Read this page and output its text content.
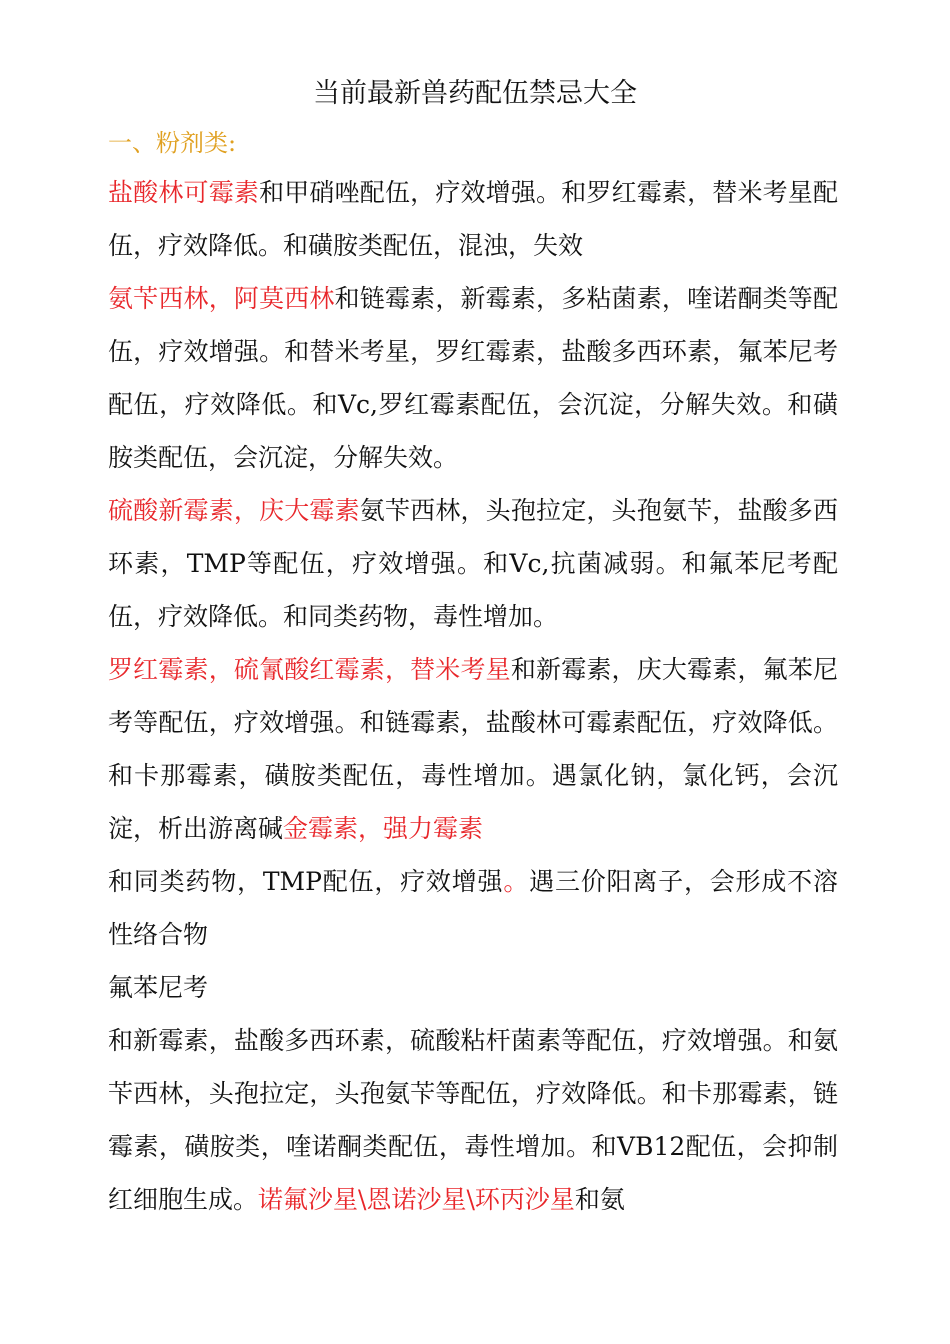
当前最新兽药配伍禁忌大全
一、粉剂类:

盐酸林可霉素和甲硝唑配伍，疗效增强。和罗红霉素，替米考星配伍，疗效降低。和磺胺类配伍，混浊，失效

氨苄西林，阿莫西林和链霉素，新霉素，多粘菌素，喹诺酮类等配伍，疗效增强。和替米考星，罗红霉素，盐酸多西环素，氟苯尼考配伍，疗效降低。和Vc,罗红霉素配伍，会沉淀，分解失效。和磺胺类配伍，会沉淀，分解失效。

硫酸新霉素，庆大霉素氨苄西林，头孢拉定，头孢氨苄，盐酸多西环素，TMP等配伍，疗效增强。和Vc,抗菌减弱。和氟苯尼考配伍，疗效降低。和同类药物，毒性增加。

罗红霉素，硫氰酸红霉素，替米考星和新霉素，庆大霉素，氟苯尼考等配伍，疗效增强。和链霉素，盐酸林可霉素配伍，疗效降低。和卡那霉素，磺胺类配伍，毒性增加。遇氯化钠，氯化钙，会沉淀，析出游离碱金霉素，强力霉素

和同类药物，TMP配伍，疗效增强。遇三价阳离子，会形成不溶性络合物

氟苯尼考

和新霉素，盐酸多西环素，硫酸粘杆菌素等配伍，疗效增强。和氨苄西林，头孢拉定，头孢氨苄等配伍，疗效降低。和卡那霉素，链霉素，磺胺类，喹诺酮类配伍，毒性增加。和VB12配伍，会抑制红细胞生成。诺氟沙星\恩诺沙星\环丙沙星和氨
